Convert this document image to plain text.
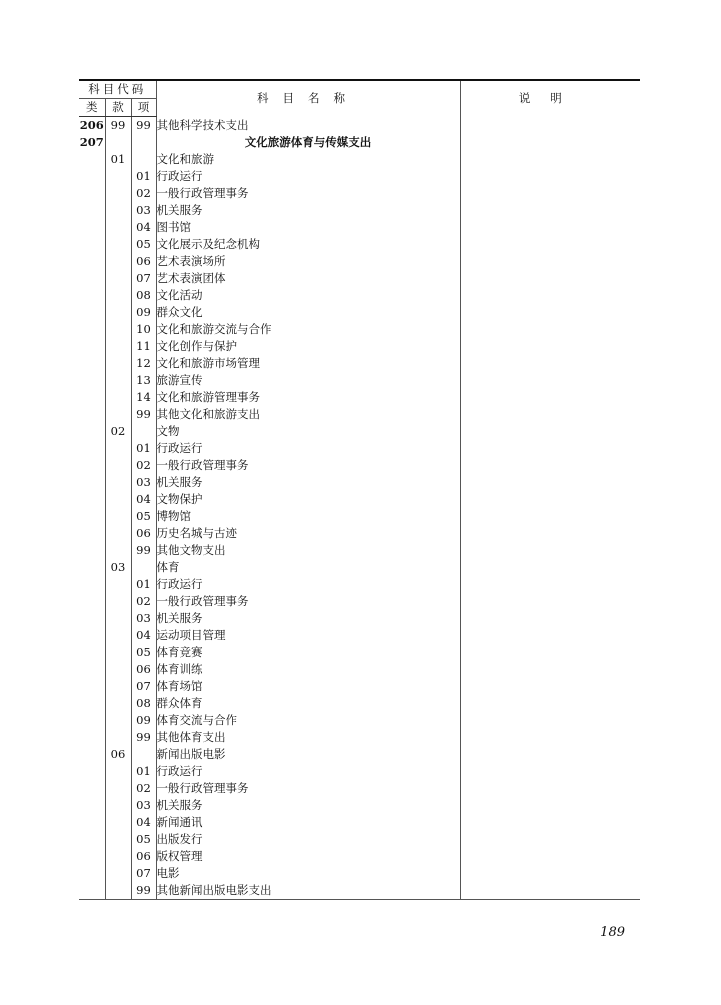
科目代码			科目名称	说明
类	款	项		
206	99	99	其他科学技术支出	
207			文化旅游体育与传媒支出	
	01		文化和旅游	
		01	行政运行	
		02	一般行政管理事务	
		03	机关服务	
		04	图书馆	
		05	文化展示及纪念机构	
		06	艺术表演场所	
		07	艺术表演团体	
		08	文化活动	
		09	群众文化	
		10	文化和旅游交流与合作	
		11	文化创作与保护	
		12	文化和旅游市场管理	
		13	旅游宣传	
		14	文化和旅游管理事务	
		99	其他文化和旅游支出	
	02		文物	
		01	行政运行	
		02	一般行政管理事务	
		03	机关服务	
		04	文物保护	
		05	博物馆	
		06	历史名城与古迹	
		99	其他文物支出	
	03		体育	
		01	行政运行	
		02	一般行政管理事务	
		03	机关服务	
		04	运动项目管理	
		05	体育竞赛	
		06	体育训练	
		07	体育场馆	
		08	群众体育	
		09	体育交流与合作	
		99	其他体育支出	
	06		新闻出版电影	
		01	行政运行	
		02	一般行政管理事务	
		03	机关服务	
		04	新闻通讯	
		05	出版发行	
		06	版权管理	
		07	电影	
		99	其他新闻出版电影支出	
189
